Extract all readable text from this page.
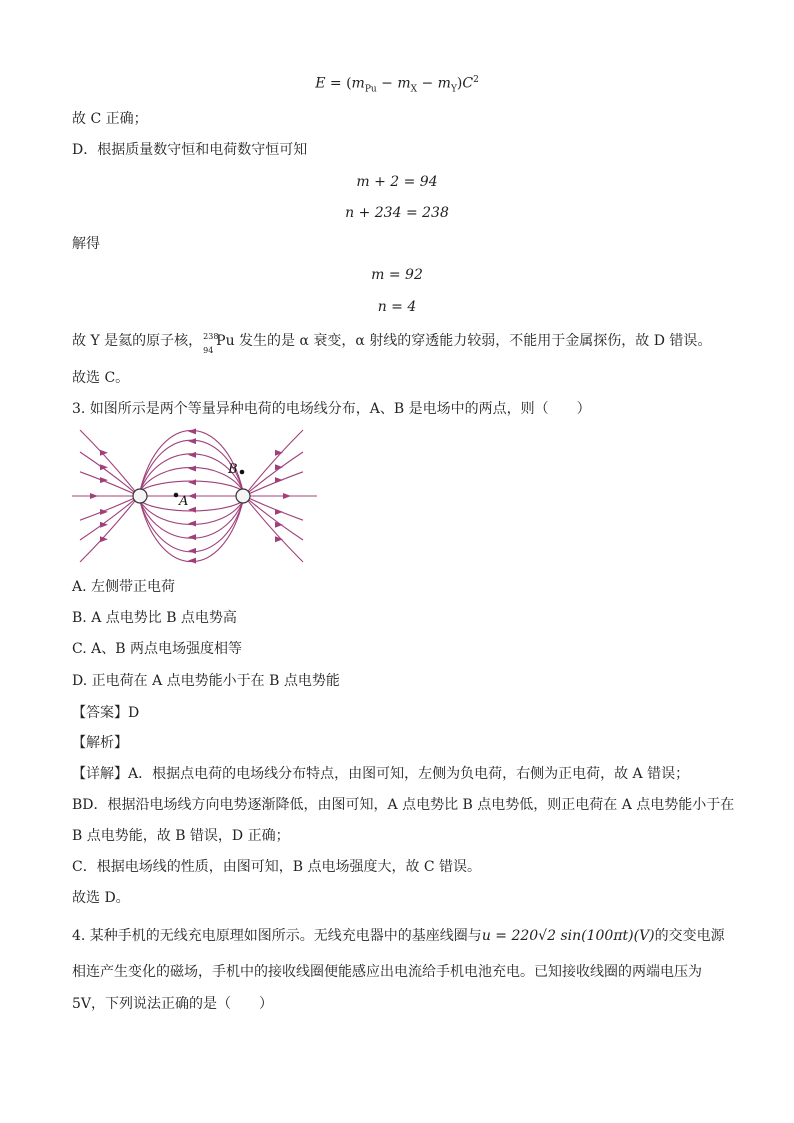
$E = (m_{Pu} - m_X - m_Y)C^2$
故 C 正确；
D．根据质量数守恒和电荷数守恒可知
m + 2 = 94
n + 234 = 238
解得
m = 92
n = 4
故 Y 是氦的原子核， 238
94
Pu 发生的是 α 衰变，α 射线的穿透能力较弱，不能用于金属探伤，故 D 错误。
故选 C。
3. 如图所示是两个等量异种电荷的电场线分布，A、B 是电场中的两点，则（　　）
A
B
A. 左侧带正电荷
B. A 点电势比 B 点电势高
C. A、B 两点电场强度相等
D. 正电荷在 A 点电势能小于在 B 点电势能
【答案】D
【解析】
【详解】A．根据点电荷的电场线分布特点，由图可知，左侧为负电荷，右侧为正电荷，故 A 错误；
BD．根据沿电场线方向电势逐渐降低，由图可知，A 点电势比 B 点电势低，则正电荷在 A 点电势能小于在
B 点电势能，故 B 错误，D 正确；
C．根据电场线的性质，由图可知，B 点电场强度大，故 C 错误。
故选 D。
4. 某种手机的无线充电原理如图所示。无线充电器中的基座线圈与u = 220√2 sin(100πt)(V)的交变电源
相连产生变化的磁场，手机中的接收线圈便能感应出电流给手机电池充电。已知接收线圈的两端电压为
5V，下列说法正确的是（　　）
